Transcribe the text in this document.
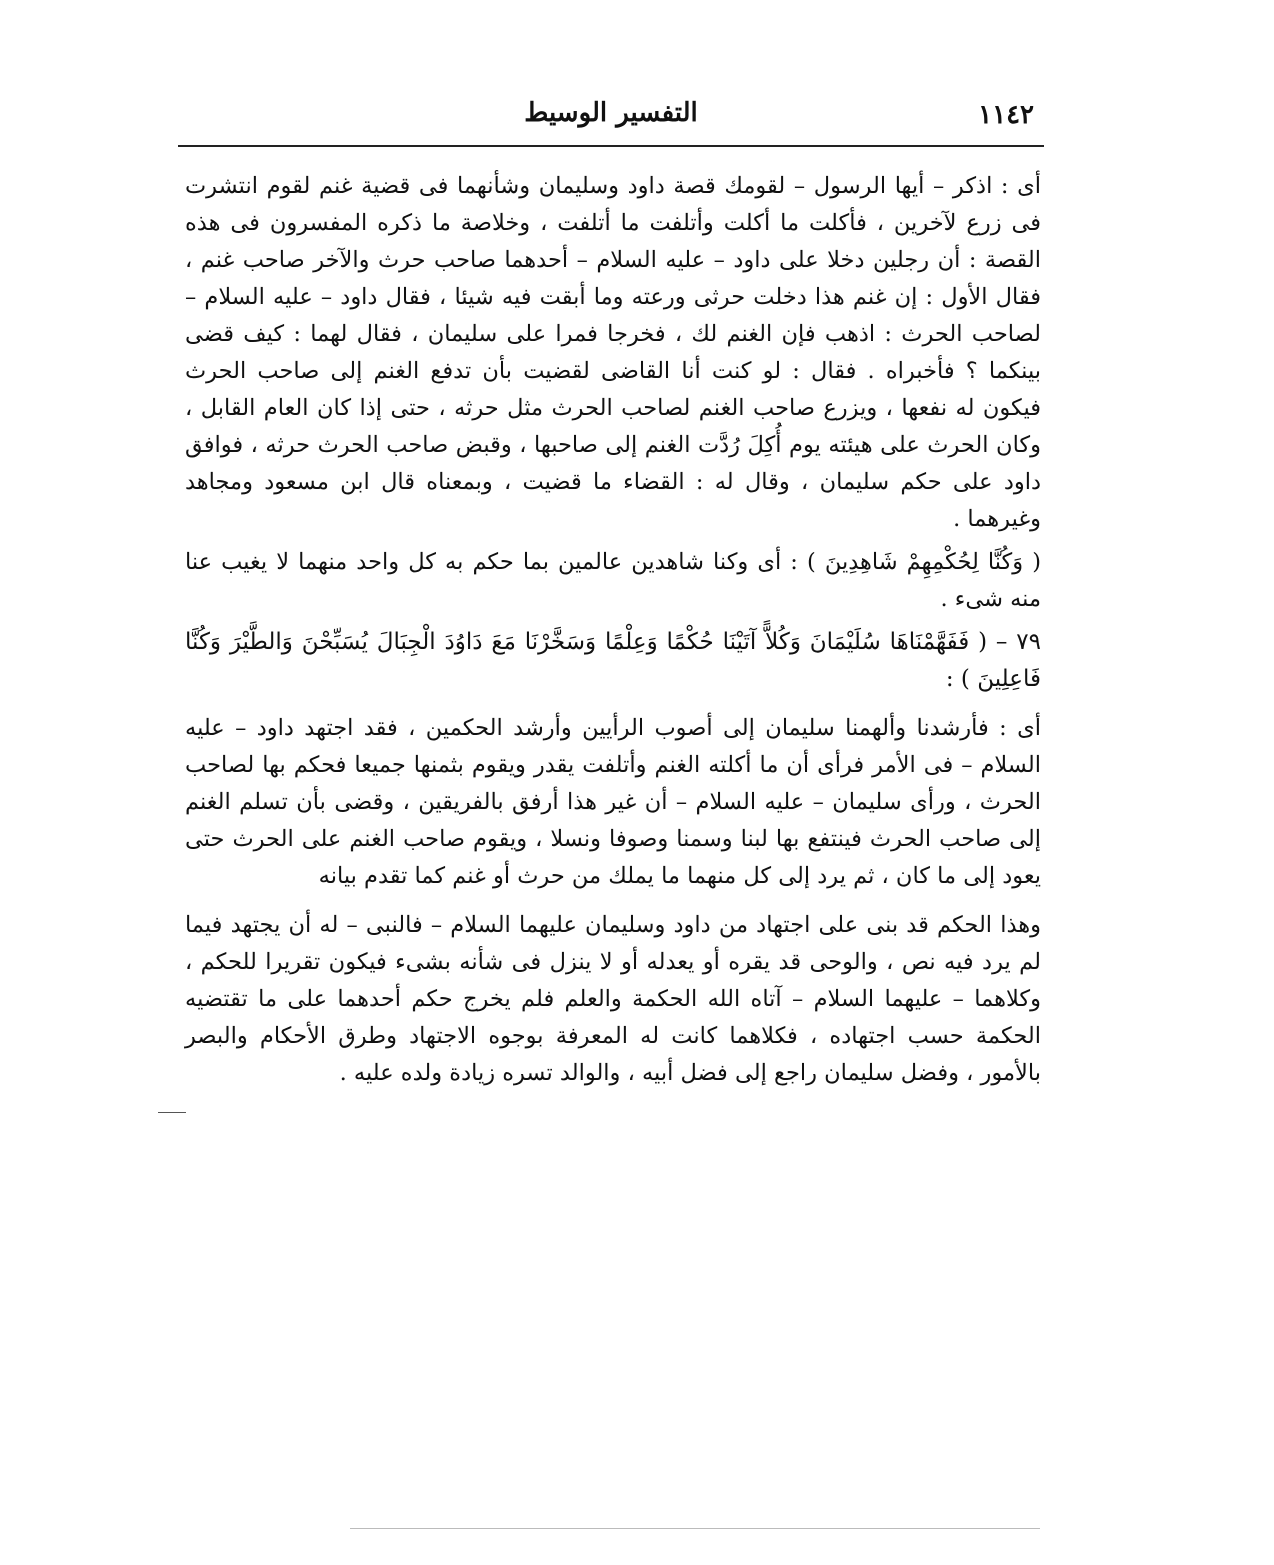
١١٤٢
التفسير الوسيط

أى : اذكر – أيها الرسول – لقومك قصة داود وسليمان وشأنهما فى قضية غنم لقوم انتشرت فى زرع لآخرين ، فأكلت ما أكلت وأتلفت ما أتلفت ، وخلاصة ما ذكره المفسرون فى هذه القصة : أن رجلين دخلا على داود – عليه السلام – أحدهما صاحب حرث والآخر صاحب غنم ، فقال الأول : إن غنم هذا دخلت حرثى ورعته وما أبقت فيه شيئا ، فقال داود – عليه السلام – لصاحب الحرث : اذهب فإن الغنم لك ، فخرجا فمرا على سليمان ، فقال لهما : كيف قضى بينكما ؟ فأخبراه . فقال : لو كنت أنا القاضى لقضيت بأن تدفع الغنم إلى صاحب الحرث فيكون له نفعها ، ويزرع صاحب الغنم لصاحب الحرث مثل حرثه ، حتى إذا كان العام القابل ، وكان الحرث على هيئته يوم أُكِلَ رُدَّت الغنم إلى صاحبها ، وقبض صاحب الحرث حرثه ، فوافق داود على حكم سليمان ، وقال له : القضاء ما قضيت ، وبمعناه قال ابن مسعود ومجاهد وغيرهما .

( وَكُنَّا لِحُكْمِهِمْ شَاهِدِينَ ) : أى وكنا شاهدين عالمين بما حكم به كل واحد منهما لا يغيب عنا منه شىء .

٧٩ – ( فَفَهَّمْنَاهَا سُلَيْمَانَ وَكُلاًّ آتَيْنَا حُكْمًا وَعِلْمًا وَسَخَّرْنَا مَعَ دَاوُدَ الْجِبَالَ يُسَبِّحْنَ وَالطَّيْرَ وَكُنَّا فَاعِلِينَ ) :

أى : فأرشدنا وألهمنا سليمان إلى أصوب الرأيين وأرشد الحكمين ، فقد اجتهد داود – عليه السلام – فى الأمر فرأى أن ما أكلته الغنم وأتلفت يقدر ويقوم بثمنها جميعا فحكم بها لصاحب الحرث ، ورأى سليمان – عليه السلام – أن غير هذا أرفق بالفريقين ، وقضى بأن تسلم الغنم إلى صاحب الحرث فينتفع بها لبنا وسمنا وصوفا ونسلا ، ويقوم صاحب الغنم على الحرث حتى يعود إلى ما كان ، ثم يرد إلى كل منهما ما يملك من حرث أو غنم كما تقدم بيانه

وهذا الحكم قد بنى على اجتهاد من داود وسليمان عليهما السلام – فالنبى – له أن يجتهد فيما لم يرد فيه نص ، والوحى قد يقره أو يعدله أو لا ينزل فى شأنه بشىء فيكون تقريرا للحكم ، وكلاهما – عليهما السلام – آتاه الله الحكمة والعلم فلم يخرج حكم أحدهما على ما تقتضيه الحكمة حسب اجتهاده ، فكلاهما كانت له المعرفة بوجوه الاجتهاد وطرق الأحكام والبصر بالأمور ، وفضل سليمان راجع إلى فضل أبيه ، والوالد تسره زيادة ولده عليه .
